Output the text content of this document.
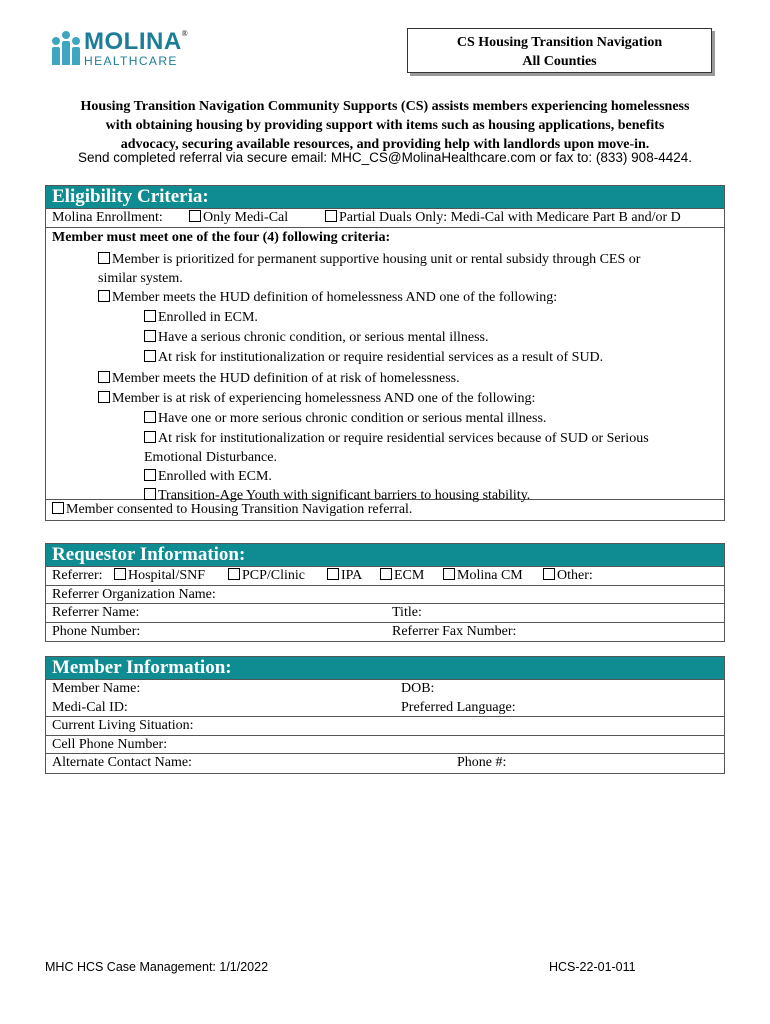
MOLINA®
HEALTHCARE
CS Housing Transition Navigation
All Counties
Housing Transition Navigation Community Supports (CS) assists members experiencing homelessness
with obtaining housing by providing support with items such as housing applications, benefits
advocacy, securing available resources, and providing help with landlords upon move-in.
Send completed referral via secure email: MHC_CS@MolinaHealthcare.com or fax to: (833) 908-4424.
Eligibility Criteria:
Molina Enrollment:	Only Medi-Cal	Partial Duals Only: Medi-Cal with Medicare Part B and/or D
Member must meet one of the four (4) following criteria:
Member is prioritized for permanent supportive housing unit or rental subsidy through CES or
similar system.
Member meets the HUD definition of homelessness AND one of the following:
Enrolled in ECM.
Have a serious chronic condition, or serious mental illness.
At risk for institutionalization or require residential services as a result of SUD.
Member meets the HUD definition of at risk of homelessness.
Member is at risk of experiencing homelessness AND one of the following:
Have one or more serious chronic condition or serious mental illness.
At risk for institutionalization or require residential services because of SUD or Serious
Emotional Disturbance.
Enrolled with ECM.
Transition-Age Youth with significant barriers to housing stability.
Member consented to Housing Transition Navigation referral.
Requestor Information:
Referrer:	Hospital/SNF	PCP/Clinic	IPA	ECM	Molina CM	Other:
Referrer Organization Name:
Referrer Name:	Title:
Phone Number:	Referrer Fax Number:
Member Information:
Member Name:	DOB:
Medi-Cal ID:	Preferred Language:
Current Living Situation:
Cell Phone Number:
Alternate Contact Name:	Phone #:
MHC HCS Case Management: 1/1/2022	HCS-22-01-011
